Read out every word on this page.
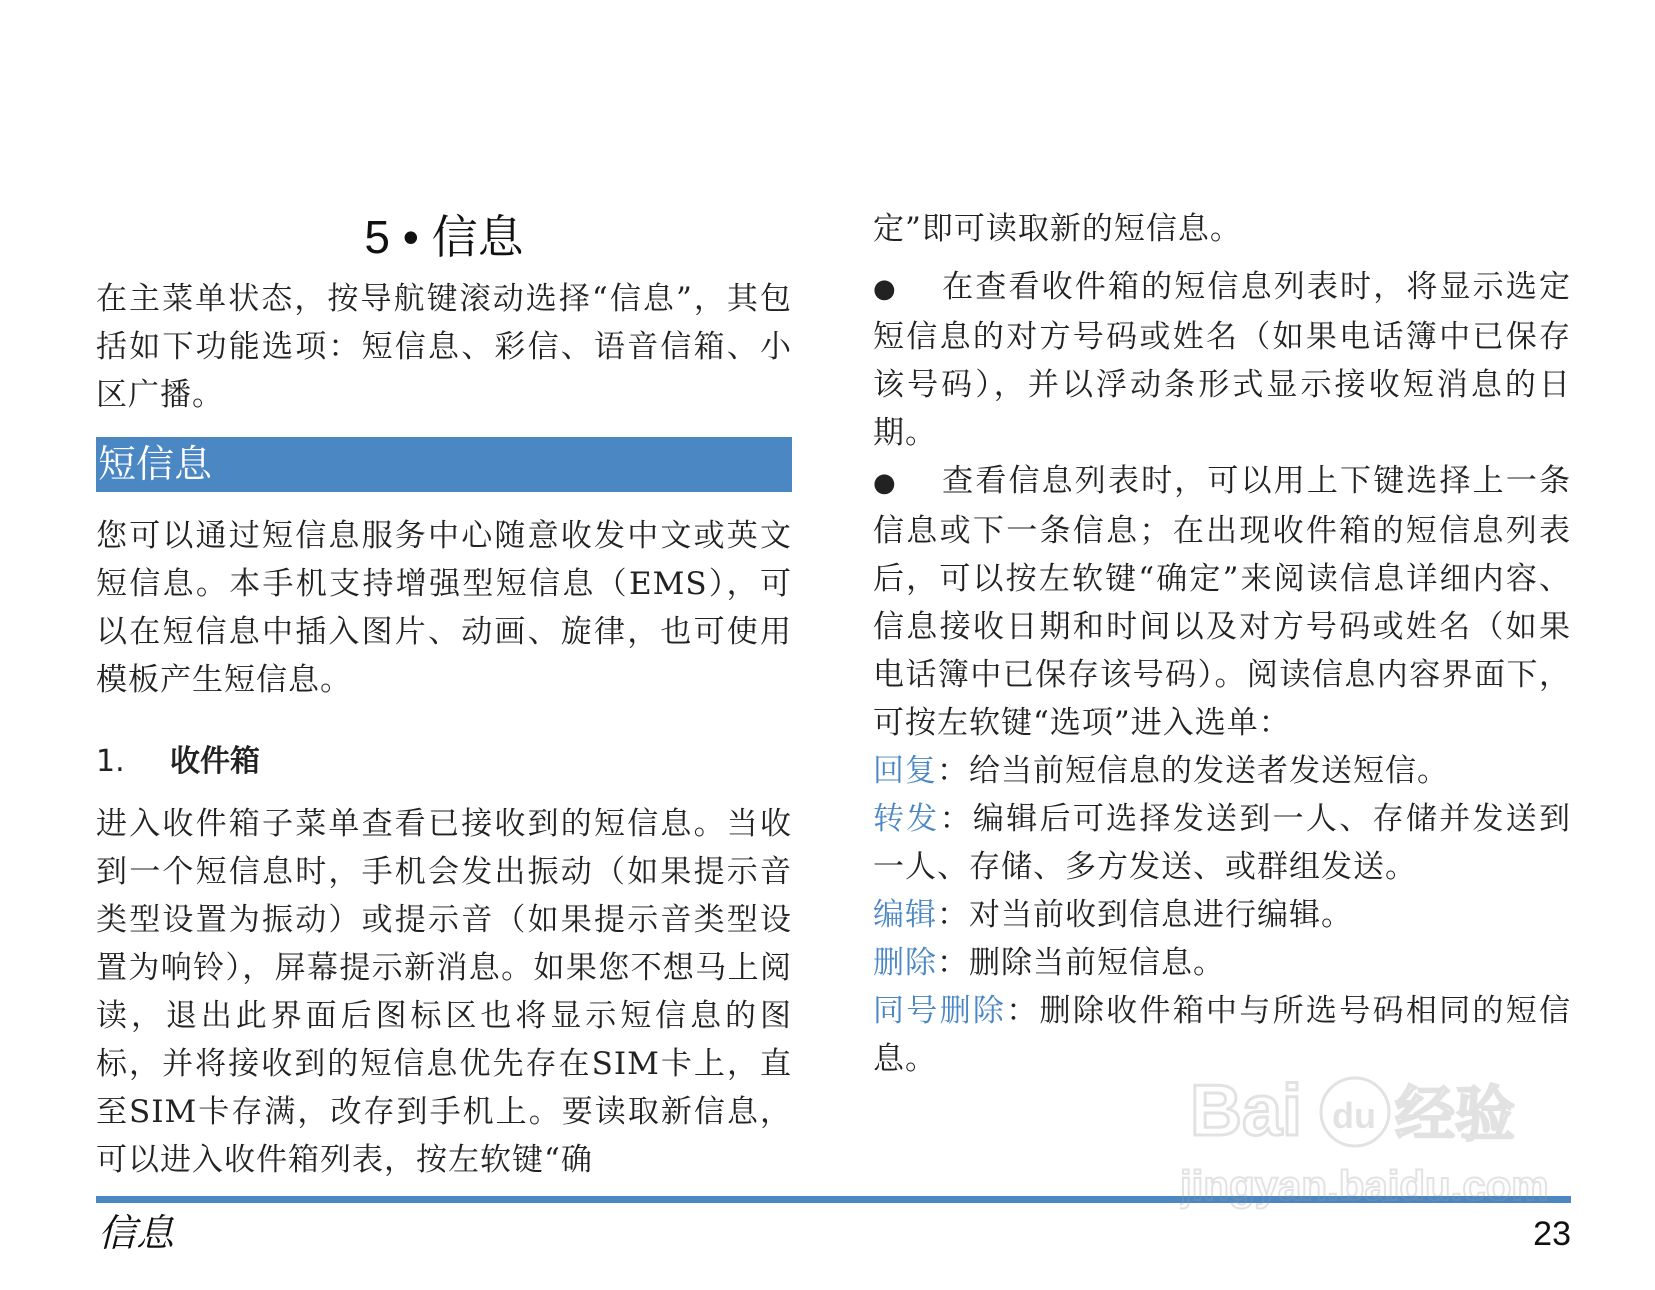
5 • 信息

在主菜单状态，按导航键滚动选择“信息”，其包括如下功能选项：短信息、彩信、语音信箱、小区广播。

短信息

您可以通过短信息服务中心随意收发中文或英文短信息。本手机支持增强型短信息（EMS），可以在短信息中插入图片、动画、旋律，也可使用模板产生短信息。

1.	收件箱

进入收件箱子菜单查看已接收到的短信息。当收到一个短信息时，手机会发出振动（如果提示音类型设置为振动）或提示音（如果提示音类型设置为响铃），屏幕提示新消息。如果您不想马上阅读，退出此界面后图标区也将显示短信息的图标，并将接收到的短信息优先存在SIM卡上，直至SIM卡存满，改存到手机上。要读取新信息，可以进入收件箱列表，按左软键“确

定”即可读取新的短信息。

● 在查看收件箱的短信息列表时，将显示选定短信息的对方号码或姓名（如果电话簿中已保存该号码），并以浮动条形式显示接收短消息的日期。

● 查看信息列表时，可以用上下键选择上一条信息或下一条信息；在出现收件箱的短信息列表后，可以按左软键“确定”来阅读信息详细内容、信息接收日期和时间以及对方号码或姓名（如果电话簿中已保存该号码）。阅读信息内容界面下，可按左软键“选项”进入选单：

回复：给当前短信息的发送者发送短信。

转发：编辑后可选择发送到一人、存储并发送到一人、存储、多方发送、或群组发送。

编辑：对当前收到信息进行编辑。

删除：删除当前短信息。

同号删除：删除收件箱中与所选号码相同的短信息。

信息	23
Bai du 经验
jingyan.baidu.com
